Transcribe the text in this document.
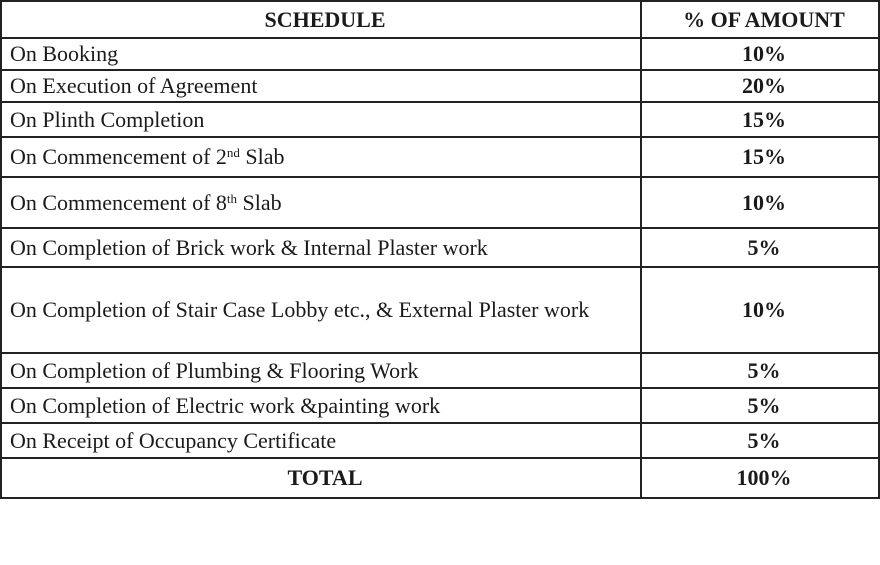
SCHEDULE	% OF AMOUNT
On Booking	10%
On Execution of Agreement	20%
On Plinth Completion	15%
On Commencement of 2nd Slab	15%
On Commencement of 8th Slab	10%
On Completion of Brick work & Internal Plaster work	5%
On Completion of Stair Case Lobby etc., & External Plaster work	10%
On Completion of Plumbing & Flooring Work	5%
On Completion of Electric work &painting work	5%
On Receipt of Occupancy Certificate	5%
TOTAL	100%
